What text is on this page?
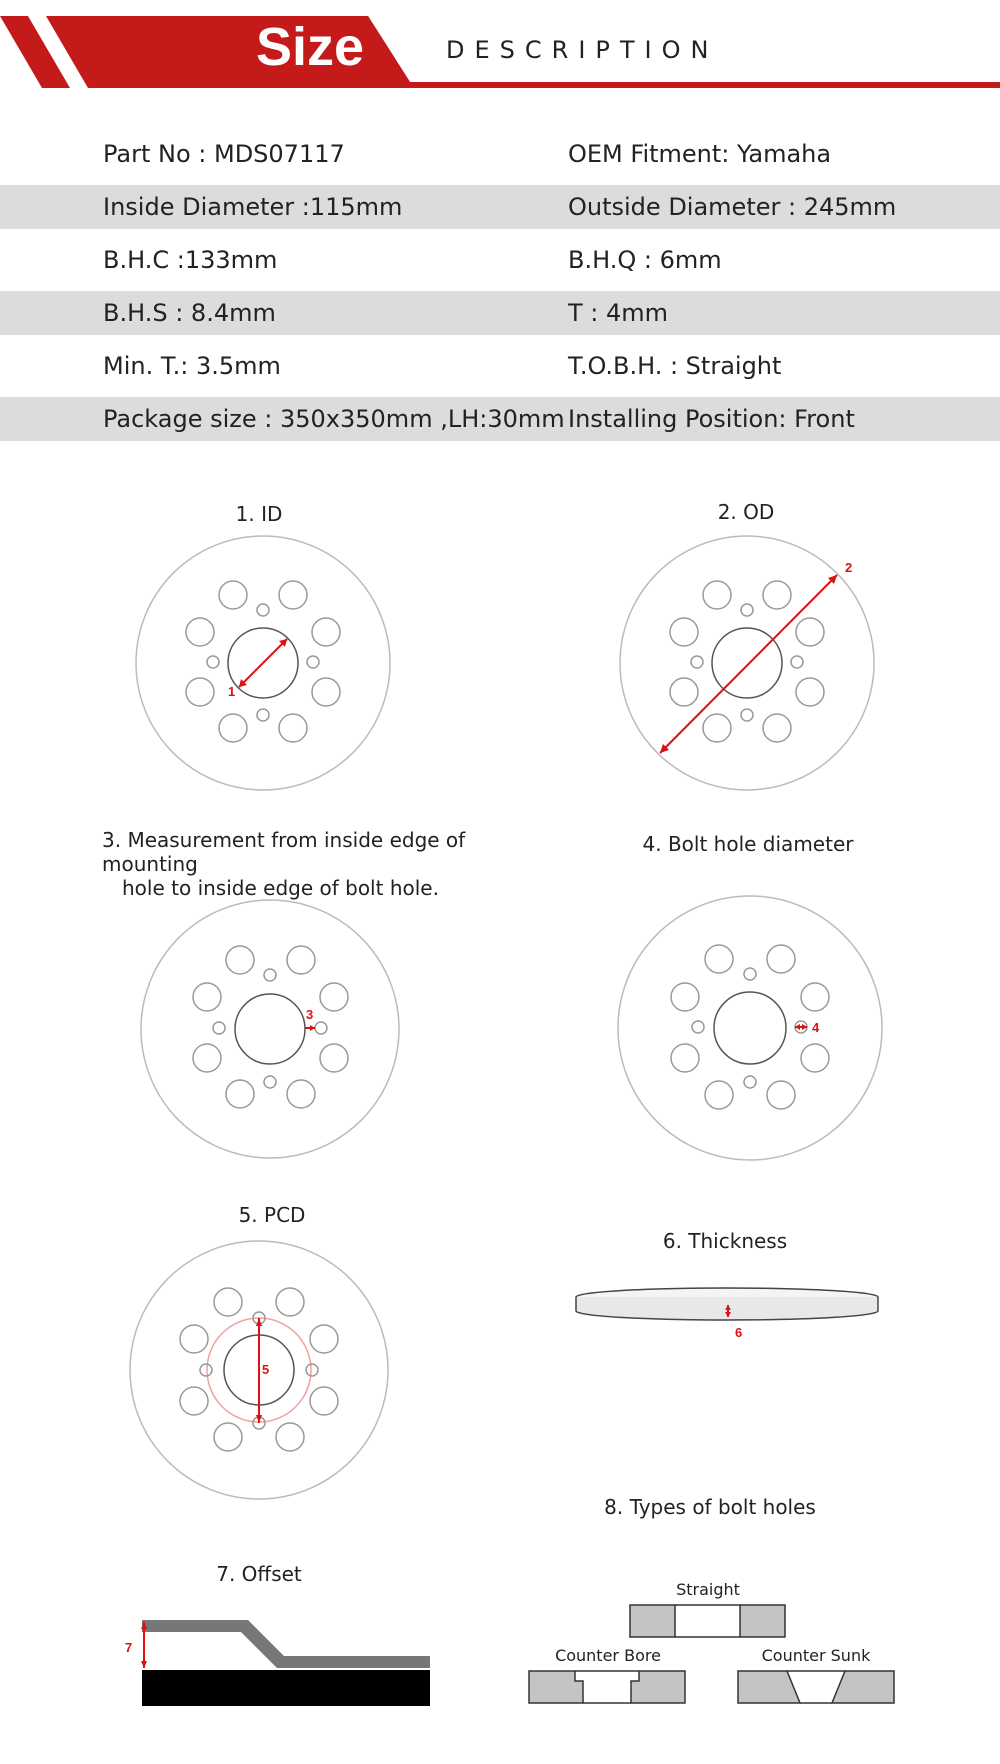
Size	DESCRIPTION
Part No : MDS07117	OEM Fitment: Yamaha
Inside Diameter :115mm	Outside Diameter : 245mm
B.H.C :133mm	B.H.Q : 6mm
B.H.S : 8.4mm	T : 4mm
Min. T.: 3.5mm	T.O.B.H. : Straight
Package size : 350x350mm ,LH:30mm Installing Position: Front
1. ID	2. OD
3. Measurement from inside edge of mounting
hole to inside edge of bolt hole.
4. Bolt hole diameter
5. PCD
6. Thickness
8. Types of bolt holes
7. Offset
1
2
3
4
5
6
7
Straight
Counter Bore	Counter Sunk
